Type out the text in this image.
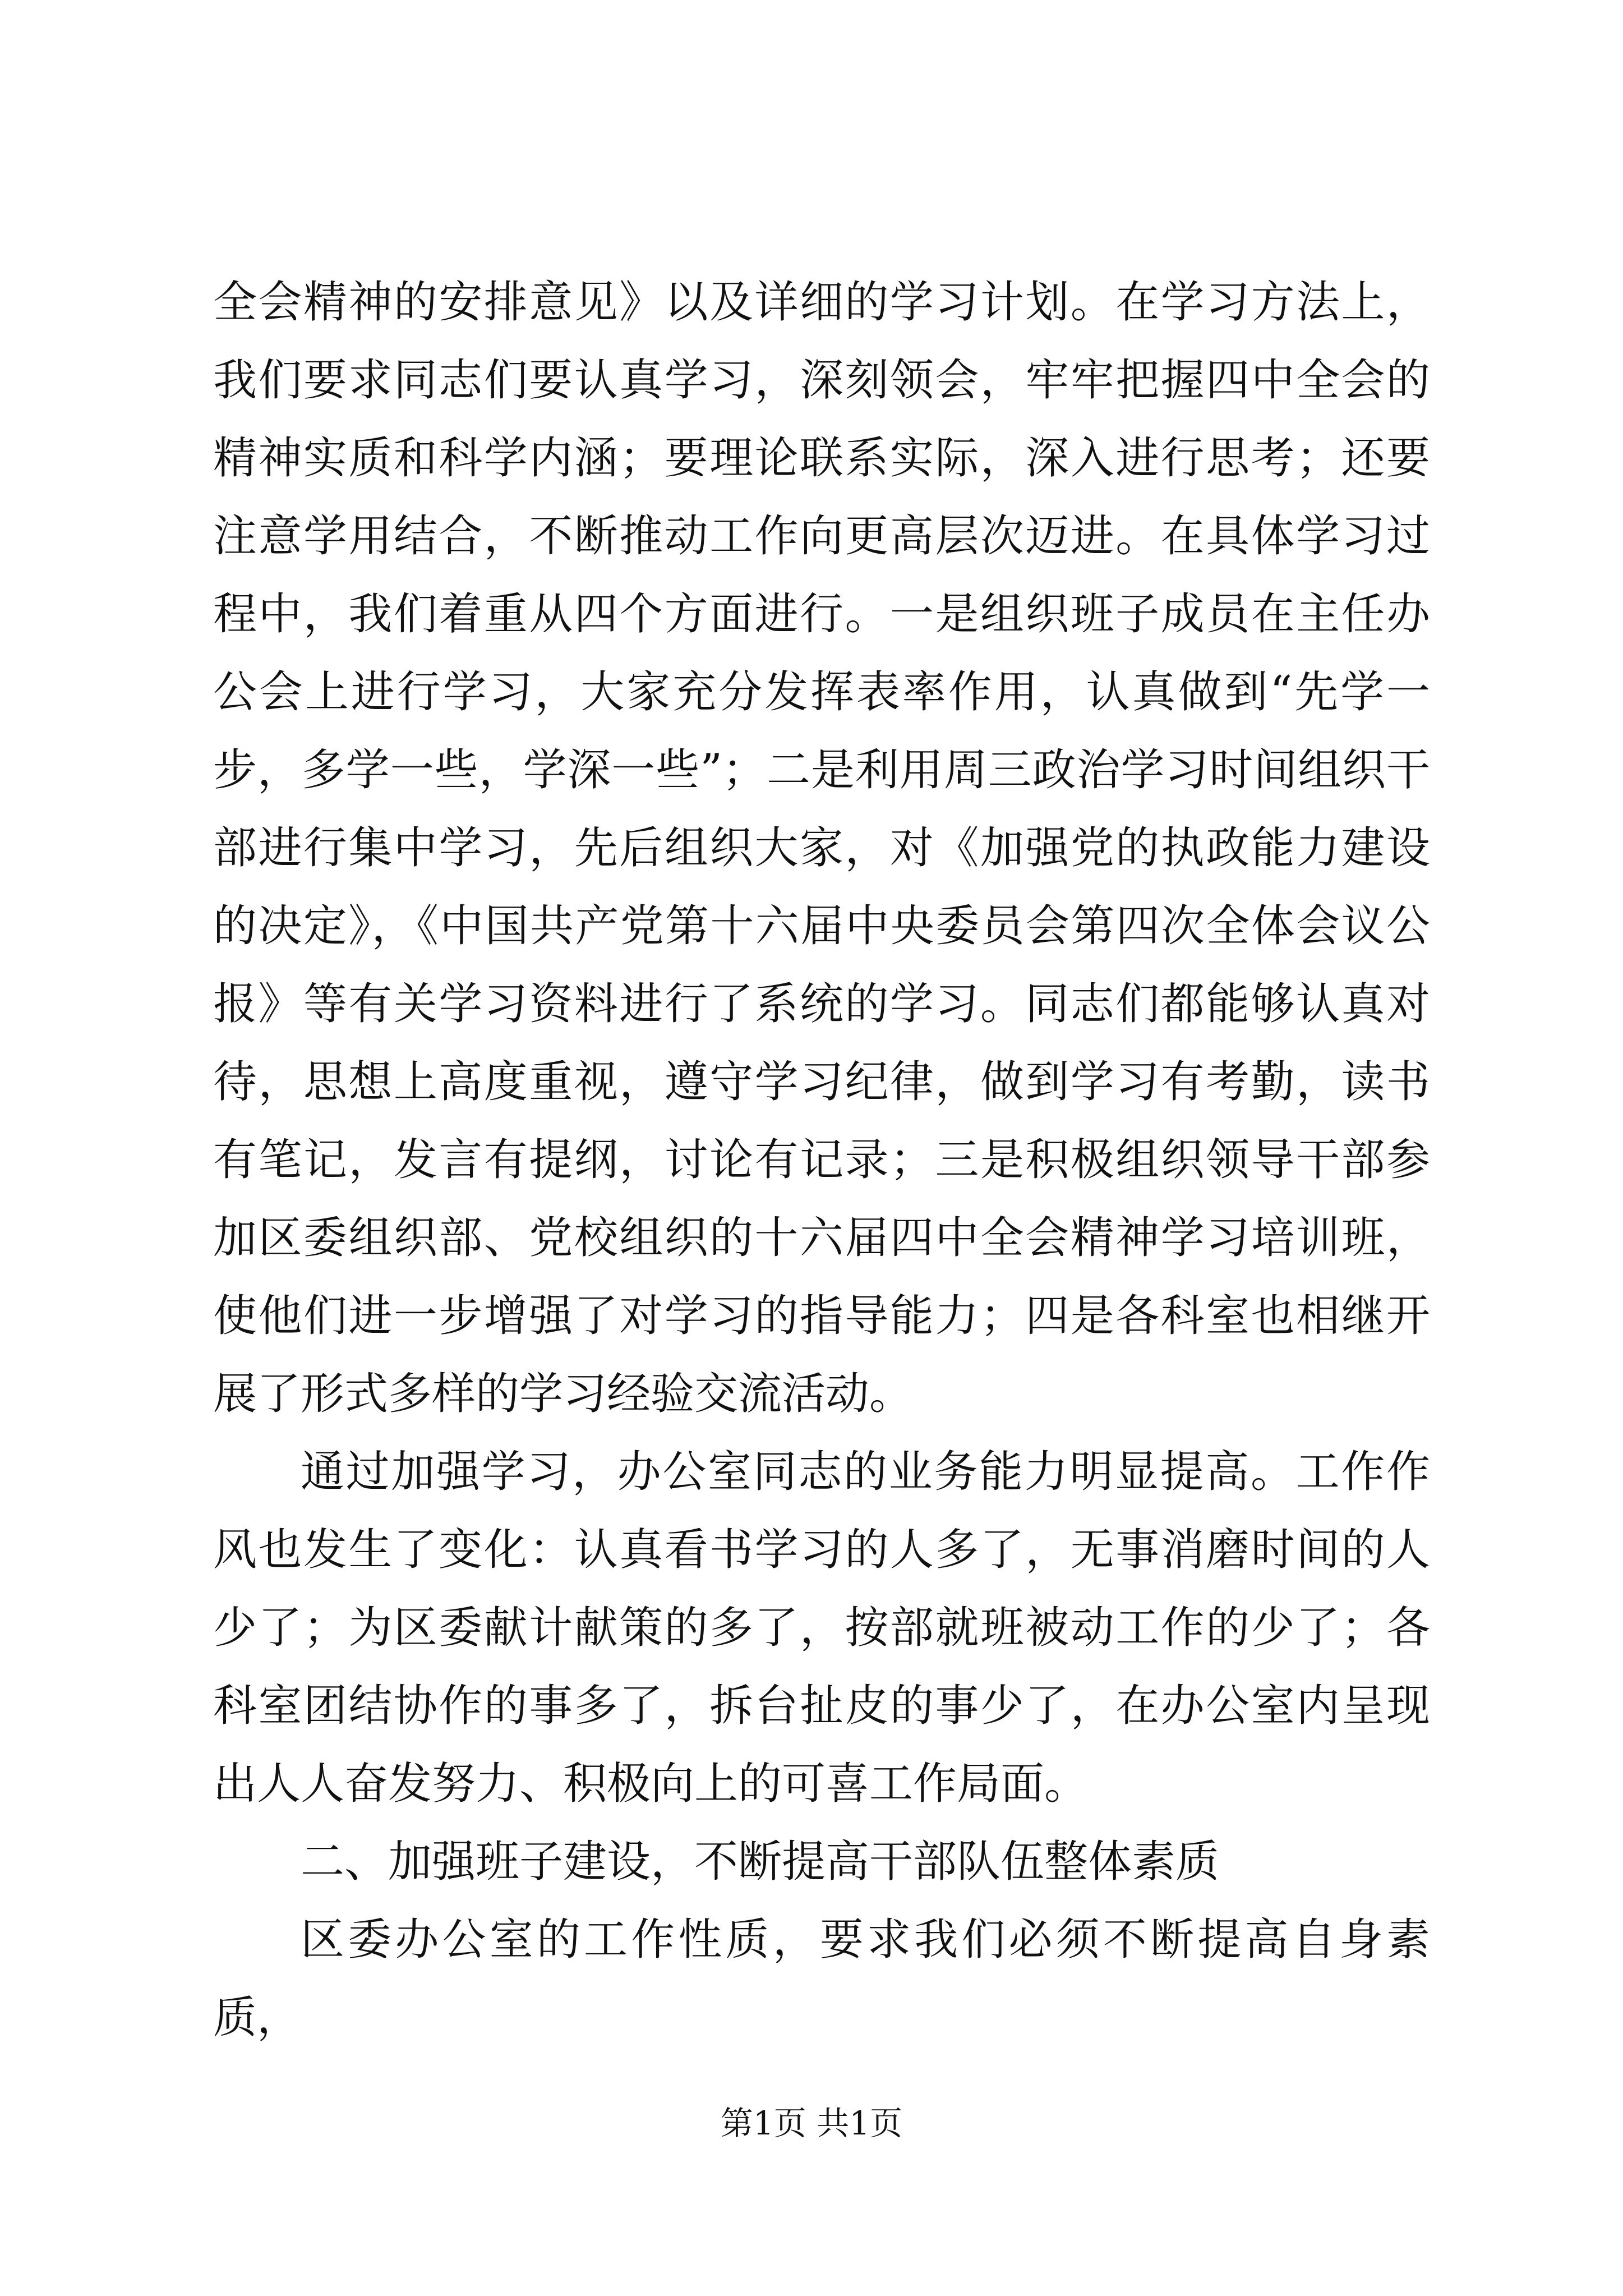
全会精神的安排意见》以及详细的学习计划。在学习方法上，我们要求同志们要认真学习，深刻领会，牢牢把握四中全会的精神实质和科学内涵；要理论联系实际，深入进行思考；还要注意学用结合，不断推动工作向更高层次迈进。在具体学习过程中，我们着重从四个方面进行。一是组织班子成员在主任办公会上进行学习，大家充分发挥表率作用，认真做到“先学一步，多学一些，学深一些”；二是利用周三政治学习时间组织干部进行集中学习，先后组织大家，对《加强党的执政能力建设的决定》，《中国共产党第十六届中央委员会第四次全体会议公报》等有关学习资料进行了系统的学习。同志们都能够认真对待，思想上高度重视，遵守学习纪律，做到学习有考勤，读书有笔记，发言有提纲，讨论有记录；三是积极组织领导干部参加区委组织部、党校组织的十六届四中全会精神学习培训班，使他们进一步增强了对学习的指导能力；四是各科室也相继开展了形式多样的学习经验交流活动。

通过加强学习，办公室同志的业务能力明显提高。工作作风也发生了变化：认真看书学习的人多了，无事消磨时间的人少了；为区委献计献策的多了，按部就班被动工作的少了；各科室团结协作的事多了，拆台扯皮的事少了，在办公室内呈现出人人奋发努力、积极向上的可喜工作局面。

二、加强班子建设，不断提高干部队伍整体素质

区委办公室的工作性质，要求我们必须不断提高自身素质，

第1页 共1页
